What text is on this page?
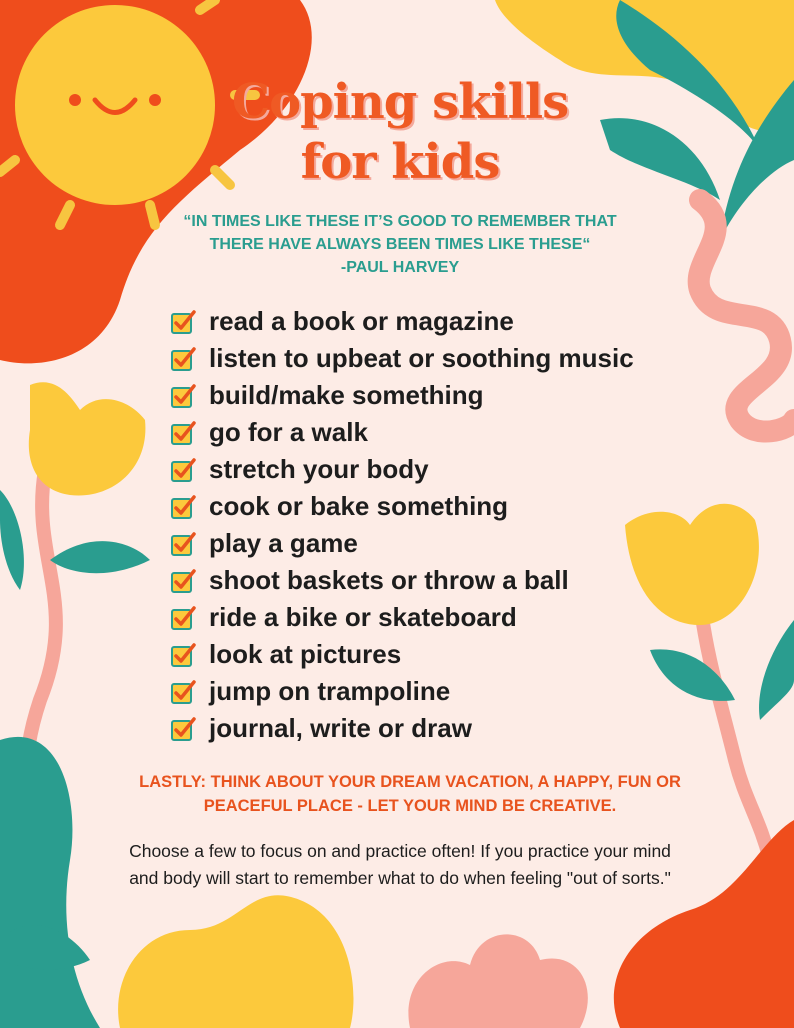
Coping skills
for kids
“IN TIMES LIKE THESE IT’S GOOD TO REMEMBER THAT
THERE HAVE ALWAYS BEEN TIMES LIKE THESE“
-PAUL HARVEY
read a book or magazine
listen to upbeat or soothing music
build/make something
go for a walk
stretch your body
cook or bake something
play a game
shoot baskets or throw a ball
ride a bike or skateboard
look at pictures
jump on trampoline
journal, write or draw
LASTLY: THINK ABOUT YOUR DREAM VACATION, A HAPPY, FUN OR
PEACEFUL PLACE - LET YOUR MIND BE CREATIVE.
Choose a few to focus on and practice often! If you practice your mind
and body will start to remember what to do when feeling "out of sorts."
